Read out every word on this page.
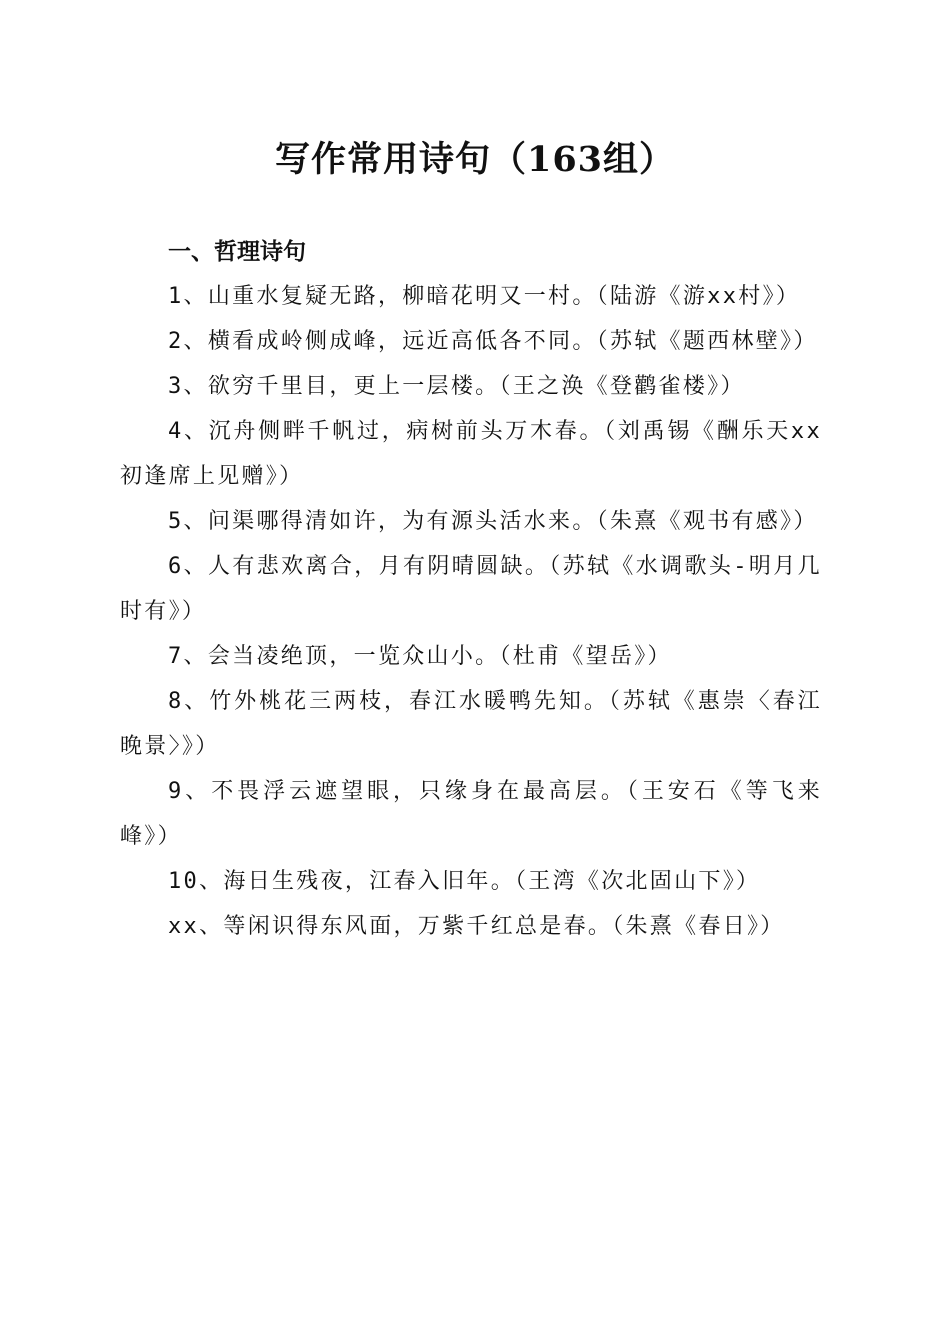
写作常用诗句（163组）
一、哲理诗句

1、山重水复疑无路，柳暗花明又一村。（陆游《游xx村》）

2、横看成岭侧成峰，远近高低各不同。（苏轼《题西林壁》）

3、欲穷千里目，更上一层楼。（王之涣《登鹳雀楼》）

4、沉舟侧畔千帆过，病树前头万木春。（刘禹锡《酬乐天xx初逢席上见赠》）

5、问渠哪得清如许，为有源头活水来。（朱熹《观书有感》）

6、人有悲欢离合，月有阴晴圆缺。（苏轼《水调歌头-明月几时有》）

7、会当凌绝顶，一览众山小。（杜甫《望岳》）

8、竹外桃花三两枝，春江水暖鸭先知。（苏轼《惠崇〈春江晚景〉》）

9、不畏浮云遮望眼，只缘身在最高层。（王安石《等飞来峰》）

10、海日生残夜，江春入旧年。（王湾《次北固山下》）

xx、等闲识得东风面，万紫千红总是春。（朱熹《春日》）
